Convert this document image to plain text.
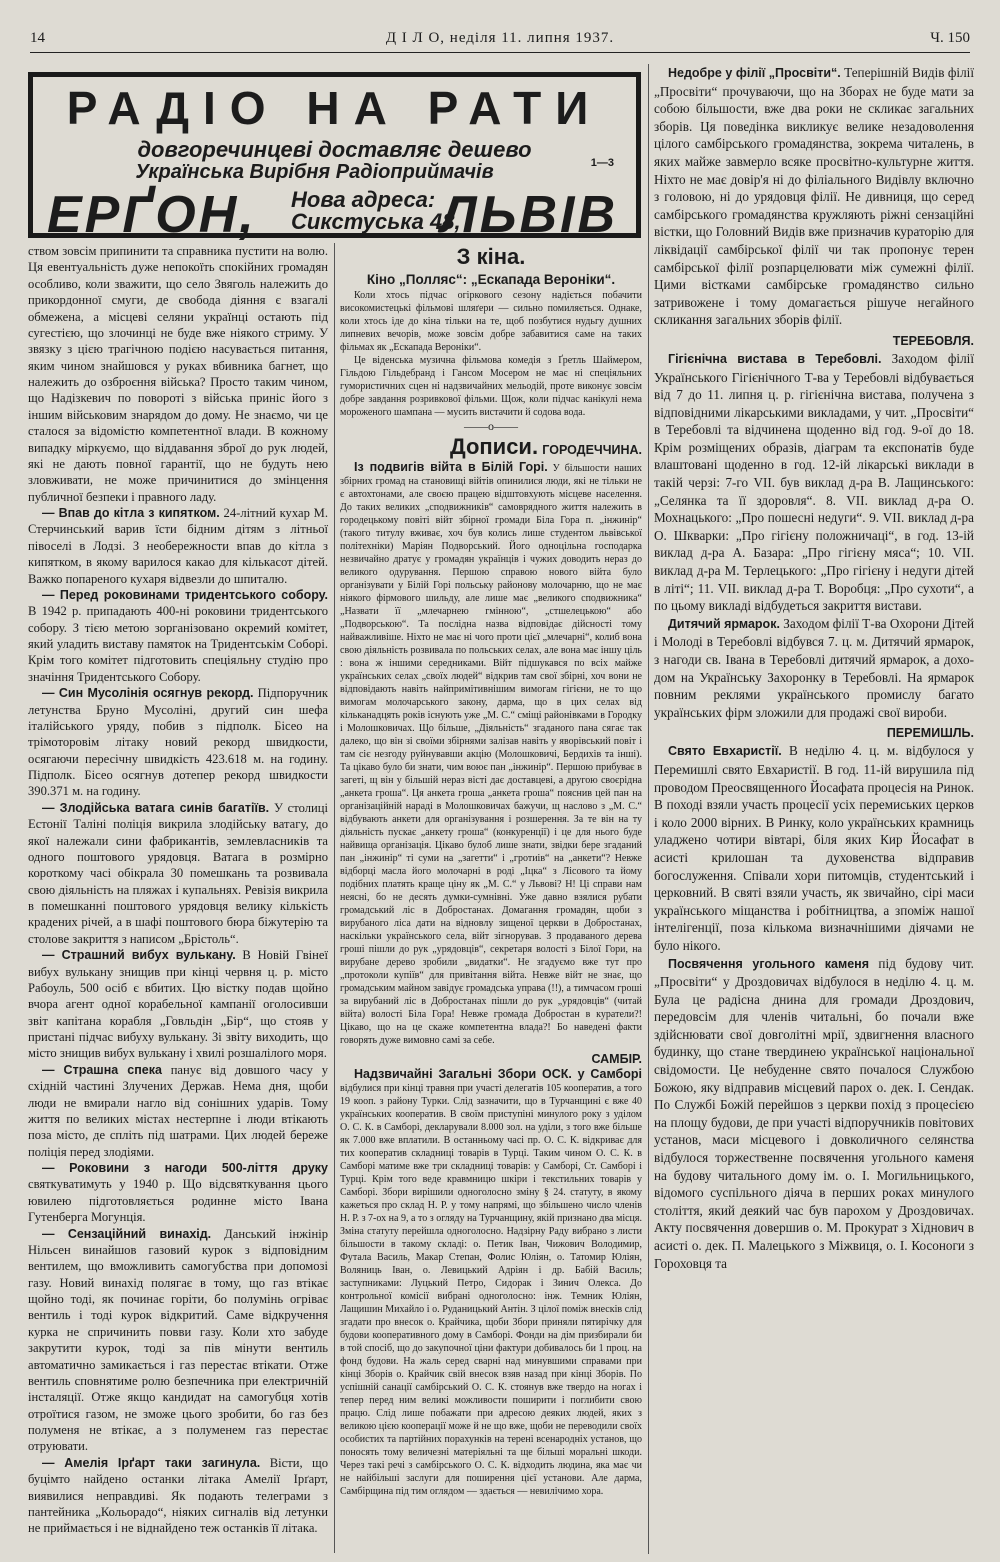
14	Д І Л О, неділя 11. липня 1937.	Ч. 150
РАДІО НА РАТИ
довгоречинцеві доставляє дешево
Українська Вирібня Радіоприймачів	1—3
ЕРҐОН, Нова адреса:
Сикстуська 48,
ЛЬВІВ

ством зовсім припинити та справника пустити на волю. Ця евентуальність дуже непокоїть спокійних громадян особливо, коли зважити, що село Звяголь належить до прикордонної смуги, де свобода діяння є взагалі обмежена, а місцеві селяни українці остають під сугестією, що злочинці не буде вже ніякого стриму. У звязку з цією трагічною подією насувається питання, яким чином знайшовся у руках вбивника багнет, що належить до озброєння війська? Просто таким чином, що Надізкевич по повороті з війська приніс його з іншим військовим знарядом до дому. Не знаємо, чи це сталося за відомістю компетентної влади. В кожному випадку міркуємо, що віддавання зброї до рук людей, які не дають повної гарантії, що не будуть нею зловживати, не може причинитися до змінцення публичної безпеки і правного ладу.

— Впав до кітла з кипятком. 24-літний кухар М. Стерчинський варив їсти бідним дітям з літньої півоселі в Лодзі. З необережности впав до кітла з кипятком, в якому варилося какао для кількасот дітей. Важко попареного кухаря відвезли до шпиталю.

— Перед роковинами тридентського собору. В 1942 р. припадають 400-ні роковини тридентського собору. З тією метою зорганізовано окремий комітет, який уладить виставу памяток на Тридентськім Соборі. Крім того комітет підготовить спеціяльну студію про значіння Тридентського Собору.

— Син Мусолінія осягнув рекорд. Підпоручник летунства Бруно Мусоліні, другий син шефа італійського уряду, побив з підполк. Бісео на трімоторовім літаку новий рекорд швидкости, осягаючи пересічну швидкість 423.618 м. на годину. Підполк. Бісео осягнув дотепер рекорд швидкости 390.371 м. на годину.

— Злодійська ватага синів багатіїв. У столиці Естонії Таліні поліція викрила злодійську ватагу, до якої належали сини фабрикантів, землевласників та одного поштового урядовця. Ватага в розмірно короткому часі обікрала 30 помешкань та розвивала свою діяльність на пляжах і купальнях. Ревізія викрила в помешканні поштового урядовця велику кількість крадених річей, а в шафі поштового бюра біжутерію та столове закриття з написом „Брістоль“.

— Страшний вибух вулькану. В Новій Гвінеї вибух вулькану знищив при кінці червня ц. р. місто Рабоуль, 500 осіб є вбитих. Цю вістку подав щойно вчора агент одної корабельної кампанії оголосивши звіт капітана корабля „Говльдін „Бір“, що стояв у пристані підчас вибуху вулькану. Зі звіту виходить, що місто знищив вибух вулькану і хвилі розшалілого моря.

— Страшна спека панує від довшого часу у східній частині Злучених Держав. Нема дня, щоби люди не вмирали нагло від сонішних ударів. Тому життя по великих містах нестерпне і люди втікають поза місто, де спліть під шатрами. Цих людей береже поліція перед злодіями.

— Роковини з нагоди 500-ліття друку святкуватимуть у 1940 р. Що відсвяткування цього ювилею підготовляється родинне місто Івана Гутенберга Могунція.

— Сензаційний винахід. Данський інжінір Нільсен винайшов газовий курок з відповідним вентилем, що вможливить самогубства при допомозі газу. Новий винахід полягає в тому, що газ втікає щойно тоді, як починає горіти, бо полумінь огріває вентиль і тоді курок відкритий. Саме відкручення курка не спричинить повви газу. Коли хто забуде закрутити курок, тоді за пів мінути вентиль автоматично замикається і газ перестає втікати. Отже вентиль сповнятиме ролю безпечника при електричній інсталяції. Отже якщо кандидат на самогубця хотів отроїтися газом, не зможе цього зробити, бо газ без полуменя не втікає, а з полуменем газ перестає отруювати.

— Амелія Ірґарт таки загинула. Вісти, що буцімто найдено останки літака Амелії Ірґарт, виявилися неправдиві. Як подають телеграми з пантейника „Кольорадо“, ніяких сигналів від летунки не приймається і не віднайдено теж останків її літака.

З кіна.
Кіно „Полляс“: „Ескапада Вероніки“.

Коли хтось підчас огіркового сезону надіється побачити високомистецькі фільмові шляґери — сильно помиляється. Однаке, коли хтось іде до кіна тільки на те, щоб позбутися нудьгу душних липневих вечорів, може зовсім добре забавитися саме на таких фільмах як „Ескапада Вероніки“.

Це віденська музична фільмова комедія з Ґретль Шаймером, Гільдою Гільдебранд і Гансом Мосером не має ні спеціяльних гумористичних сцен ні надзвичайних мельодій, проте виконує зовсім добре завдання розривкової фільми. Щож, коли підчас канікулі нема мороженого шампана — мусить вистачити й содова вода.

——o——
Дописи. ГОРОДЕЧЧИНА.

Із подвигів війта в Білій Горі. У більшости наших збірних громад на становищі війтів опинилися люди, які не тільки не є автохтонами, але своєю працею відштовхують місцеве населення. До таких великих „сподвижників“ самоврядного життя належить в городецькому повіті війт збірної громади Біла Гора п. „інжинір“ (такого титулу вживає, хоч був колись лише студентом львівської політехніки) Маріян Подворський. Його одноцільна господарка незвичайно дратує у громадян українців і чужих доводить нераз до великого одурування. Першою справою нового війта було організувати у Білій Горі польську районову молочарню, що не має ніякого фірмового шильду, але лише має „великого сподвижника“ „Назвати її „млечарнею гмінною“, „стшелецькою“ або „Подворською“. Та послідна назва відповідає дійсності тому найважливіше. Ніхто не має ні чого проти цієї „млечарні“, колиб вона свою діяльність розвивала по польських селах, але вона має іншу ціль : вона ж іншими середниками. Війт підшукався по всіх майже українських селах „своїх людей“ відкрив там свої збірні, хоч вони не відповідають навіть найпримітивнішим вимогам гігієни, не то що вимогам молочарського закону, дарма, що в цих селах від кільканадцять років існують уже „М. С.“ сміщі районівками в Городку і Молошковичах. Що більше, „Діяльність“ згаданого пана сягає так далеко, що він зі своїми збірнями залізав навіть у яворівський повіт і там сіє незгоду руйнувавши акцію (Молошковичі, Бердихів та інші). Та цікаво було би знати, чим воює пан „інжинір“. Першою прибуває в загеті, щ він у більшій нераз вісті дає доставцеві, а другою своєрідна „анкета гроша“. Ця анкета гроша „анкета гроша“ пояснив цей пан на організаційній нараді в Молошковичах бажучи, щ наслово з „М. С.“ відбувають анкети для організування і розшерення. За те він на ту діяльність пускає „анкету гроша“ (конкуренції) і це для нього буде найвища організація. Цікаво булоб лише знати, звідки бере згаданий пан „інжинір“ ті суми на „загетти“ і „гротиів“ на „анкети“? Невже відборці масла його молочарні в роді „Іцка“ з Лісового та йому подібних платять краще ціну як „М. С.“ у Львові? Н! Ці справи нам неясні, бо не десять думки-сумнівні. Уже давно взялися рубати громадський ліс в Добростанах. Домагання громадян, щоби з вирубаного ліса дати на відновлу зищеної церкви в Добростанах, наскільки українського села, війт зігнорував. З продаваного дерева гроші пішли до рук „урядовців“, секретаря волості з Білої Гори, на вирубане дерево зробили „видатки“. Не згадуємо вже тут про „протоколи купіїв“ для привітання війта. Невже війт не знає, що громадським майном завідує громадська управа (!!), а тимчасом гроші за вирубаний ліс в Добростанах пішли до рук „урядовців“ (читай війта) волості Біла Гора! Невже громада Добростан в куратели?! Цікаво, що на це скаже компетентна влада?! Бо наведені факти говорять дуже вимовно самі за себе.

САМБІР.

Надзвичайні Загальні Збори ОСК. у Самборі відбулися при кінці травня при участі делегатів 105 кооператив, а того 19 кооп. з району Турки. Слід зазначити, що в Турчанщині є вже 40 українських кооператив. В своїм приступіні минулого року з уділом О. С. К. в Самборі, декларували 8.000 зол. на уділи, з того вже більше як 7.000 вже вплатили. В останньому часі пр. О. С. К. відкриває для тих кооператив складниці товарів в Турці. Таким чином О. С. К. в Самборі матиме вже три складниці товарів: у Самборі, Ст. Самборі і Турці. Крім того веде кравмницю шкіри і текстильних товарів у Самборі. Збори вирішили одноголосно зміну § 24. статуту, в якому кажеться про склад Н. Р. у тому напрямі, що збільшено число членів Н. Р. з 7-ох на 9, а то з огляду на Турчанщину, якій признано два місця. Зміна статуту перейшла одноголосно. Надзірну Раду вибрано з листи більшости в такому складі: о. Петик Іван, Чижович Володимир, Футала Василь, Макар Степан, Фолис Юліян, о. Татомир Юліян, Воляниць Іван, о. Левицький Адріян і др. Бабій Василь; заступниками: Луцький Петро, Сидорак і Зинич Олекса. До контрольної комісії вибрані одноголосно: інж. Темник Юліян, Лащишин Михайло і о. Руданицький Антін. З цілої поміж внесків слід згадати про внесок о. Крайчика, щоби Збори приняли пятирічку для будови кооперативного дому в Самборі. Фонди на дім призбирали би в той спосіб, що до закупочної ціни фактури добивалось би 1 проц. на фонд будови. На жаль серед сварні над минувшими справами при кінці Зборів о. Крайчик свій внесок взяв назад при кінці Зборів. По успішній санації самбірський О. С. К. стоянув вже твердо на ногах і тепер перед ним великі можливости поширити і поглибити свою працю. Слід лише побажати при адресою деяких людей, яких з великою цією кооперації може й не що вже, щоби не переводили своїх особистих та партійних порахунків на терені всенародніх установ, що поносять тому величезні матеріяльні та ще більші моральні шкоди. Через такі речі з самбірського О. С. К. відходить людина, яка має чи не найбільші заслуги для поширення цієї установи. Але дарма, Самбірщина під тим оглядом — здається — невилічимо хора.

Недобре у філії „Просвіти“. Теперішній Видів філії „Просвіти“ прочуваючи, що на Зборах не буде мати за собою більшости, вже два роки не скликає загальних зборів. Ця поведінка викликує велике незадоволення цілого самбірського громадянства, зокрема читалень, в яких майже завмерло всяке просвітно-культурне життя. Ніхто не має довір'я ні до філіального Видівлу включно з головою, ні до урядовця філії. Не дивниця, що серед самбірського громадянства кружляють ріжні сензаційні вістки, що Головний Видів вже призначив кураторію для ліквідації самбірської філії чи так пропонує терен самбірської філії розпарцелювати між сумежні філії. Цими вістками самбірське громадянство сильно затривожене і тому домагається рішуче негайного скликання загальних зборів філії.

ТЕРЕБОВЛЯ.

Гігієнічна вистава в Теребовлі. Заходом філії Українського Гігієнічного Т-ва у Теребовлі відбувається від 7 до 11. липня ц. р. гігієнічна вистава, получена з відповідними лікарськими викладами, у чит. „Просвіти“ в Теребовлі та відчинена щоденно від год. 9-ої до 18. Крім розміщених образів, діаграм та експонатів буде влаштовані щоденно в год. 12-ій лікарські виклади в такій черзі: 7-го VII. був виклад д-ра В. Лащинського: „Селянка та її здоровля“. 8. VII. виклад д-ра О. Мохнацького: „Про пошесні недуги“. 9. VII. виклад д-ра О. Шкварки: „Про гігієну положничаці“, в год. 13-ій виклад д-ра А. Базара: „Про гігієну мяса“; 10. VII. виклад д-ра М. Терлецького: „Про гігієну і недуги дітей в літі“; 11. VII. виклад д-ра Т. Воробця: „Про сухоти“, а по цьому викладі відбудеться закриття вистави.

Дитячий ярмарок. Заходом філії Т-ва Охорони Дітей і Молоді в Теребовлі відбувся 7. ц. м. Дитячий ярмарок, з нагоди св. Івана в Теребовлі дитячий ярмарок, а доходом на Українську Захоронку в Теребовлі. На ярмарок повним реклями українського промислу багато українських фірм зложили для продажі свої вироби.

ПЕРЕМИШЛЬ.

Свято Евхаристії. В неділю 4. ц. м. відбулося у Перемишлі свято Евхаристії. В год. 11-ій вирушила під проводом Преосвященного Йосафата процесія на Ринок. В поході взяли участь процесії усіх перемиських церков і коло 2000 вірних. В Ринку, коло українських крамниць уладжено чотири вівтарі, біля яких Кир Йосафат в асисті крилошан та духовенства відправив богослуження. Співали хори питомців, студентський і церковний. В святі взяли участь, як звичайно, сірі маси українського міщанства і робітництва, а зпоміж нашої інтелігенції, поза кількома визначнішими діячами не було нікого.

Посвячення угольного каменя під будову чит. „Просвіти“ у Дроздовичах відбулося в неділю 4. ц. м. Була це радісна днина для громади Дроздович, передовсім для членів читальні, бо почали вже здійснювати свої довголітні мрії, здвигнення власного будинку, що стане твердинею української національної свідомости. Це небуденне свято почалося Службою Божою, яку відправив місцевий парох о. дек. І. Сендак. По Службі Божій перейшов з церкви похід з процесією на площу будови, де при участі відпоручників повітових установ, маси місцевого і довколичного селянства відбулося торжественне посвячення угольного каменя на будову читального дому ім. о. І. Могильницького, відомого суспільного діяча в перших роках минулого століття, який деякий час був парохом у Дроздовичах. Акту посвячення довершив о. М. Прокурат з Хіднович в асисті о. дек. П. Малецького з Міжвиця, о. І. Косоноги з Гороховця та
